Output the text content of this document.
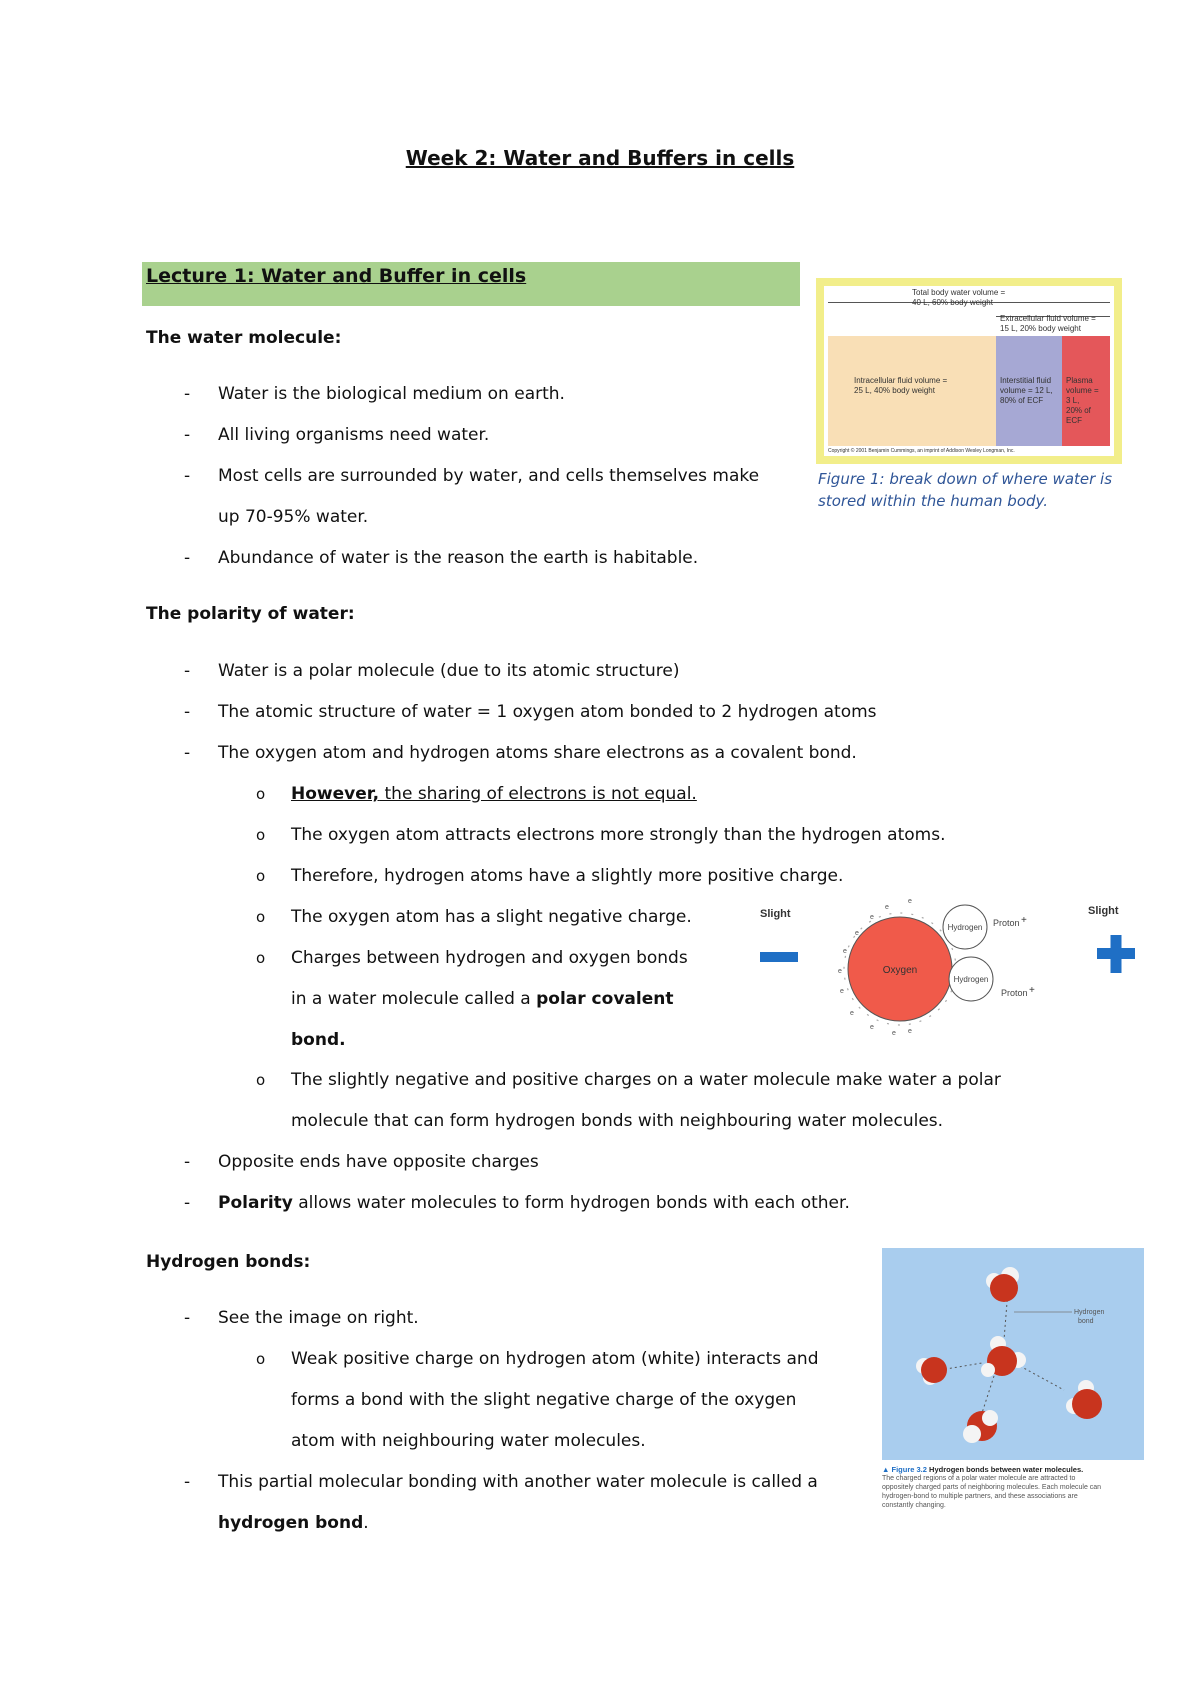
Week 2: Water and Buffers in cells
Lecture 1: Water and Buffer in cells
The water molecule:
- Water is the biological medium on earth.
- All living organisms need water.
- Most cells are surrounded by water, and cells themselves make
up 70-95% water.
- Abundance of water is the reason the earth is habitable.
Total body water volume =
40 L, 60% body weight
Extracellular fluid volume =
15 L, 20% body weight
Intracellular fluid volume =
25 L, 40% body weight
Interstitial fluid
volume = 12 L,
80% of ECF
Plasma
volume =
3 L,
20% of
ECF
Copyright © 2001 Benjamin Cummings, an imprint of Addison Wesley Longman, Inc.
Figure 1: break down of where water is
stored within the human body.
The polarity of water:
- Water is a polar molecule (due to its atomic structure)
- The atomic structure of water = 1 oxygen atom bonded to 2 hydrogen atoms
- The oxygen atom and hydrogen atoms share electrons as a covalent bond.
o However, the sharing of electrons is not equal.
o The oxygen atom attracts electrons more strongly than the hydrogen atoms.
o Therefore, hydrogen atoms have a slightly more positive charge.
o The oxygen atom has a slight negative charge.
o Charges between hydrogen and oxygen bonds
in a water molecule called a polar covalent
bond.
o The slightly negative and positive charges on a water molecule make water a polar
molecule that can form hydrogen bonds with neighbouring water molecules.
- Opposite ends have opposite charges
- Polarity allows water molecules to form hydrogen bonds with each other.
Slight	Slight
Oxygen
Hydrogen
Hydrogen
Proton +
Proton +
e
e
e
e
e
e
e
e
e
e e
Hydrogen bonds:
- See the image on right.
o Weak positive charge on hydrogen atom (white) interacts and
forms a bond with the slight negative charge of the oxygen
atom with neighbouring water molecules.
- This partial molecular bonding with another water molecule is called a
hydrogen bond.
Hydrogen
bond
▲ Figure 3.2 Hydrogen bonds between water molecules.
The charged regions of a polar water molecule are attracted to
oppositely charged parts of neighboring molecules. Each molecule can
hydrogen-bond to multiple partners, and these associations are
constantly changing.
